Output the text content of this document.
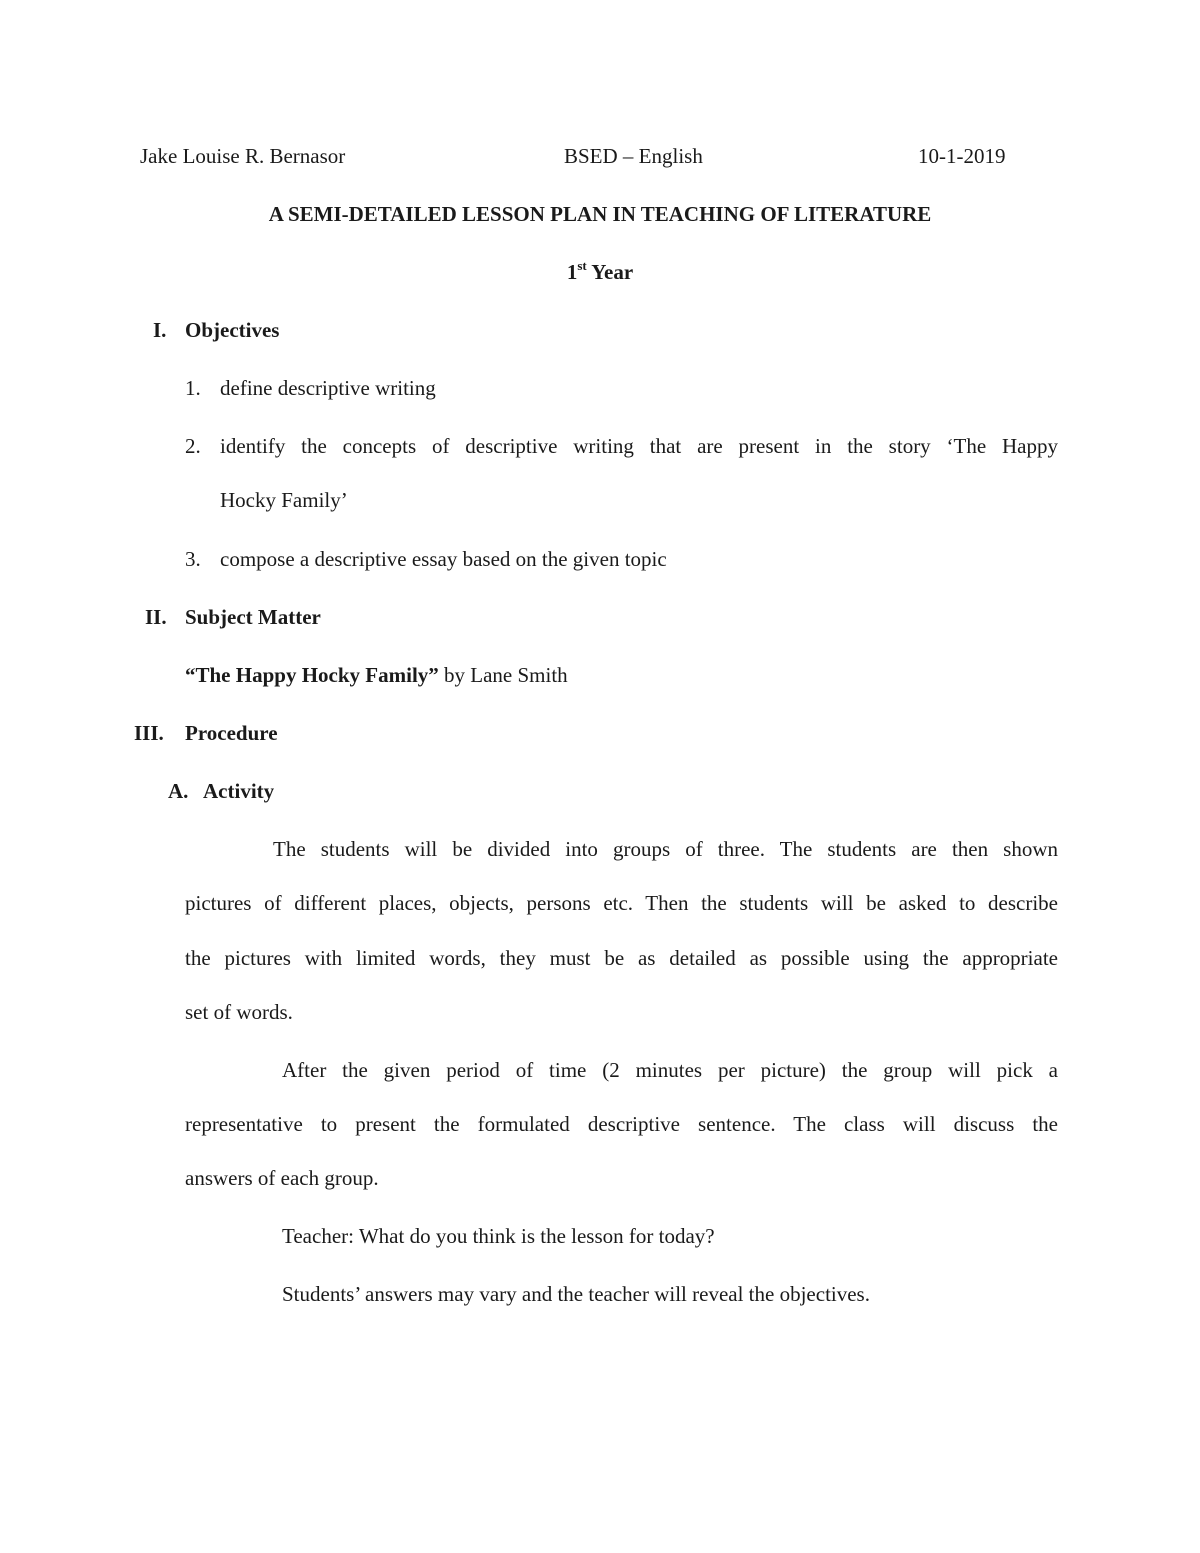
Jake Louise R. Bernasor	BSED – English	10-1-2019
A SEMI-DETAILED LESSON PLAN IN TEACHING OF LITERATURE
1st Year
I. Objectives
1. define descriptive writing
2. identify the concepts of descriptive writing that are present in the story ‘The Happy
Hocky Family’
3. compose a descriptive essay based on the given topic
II. Subject Matter
“The Happy Hocky Family” by Lane Smith
III. Procedure
A. Activity
The students will be divided into groups of three. The students are then shown
pictures of different places, objects, persons etc. Then the students will be asked to describe
the pictures with limited words, they must be as detailed as possible using the appropriate
set of words.
After the given period of time (2 minutes per picture) the group will pick a
representative to present the formulated descriptive sentence. The class will discuss the
answers of each group.
Teacher: What do you think is the lesson for today?
Students’ answers may vary and the teacher will reveal the objectives.
